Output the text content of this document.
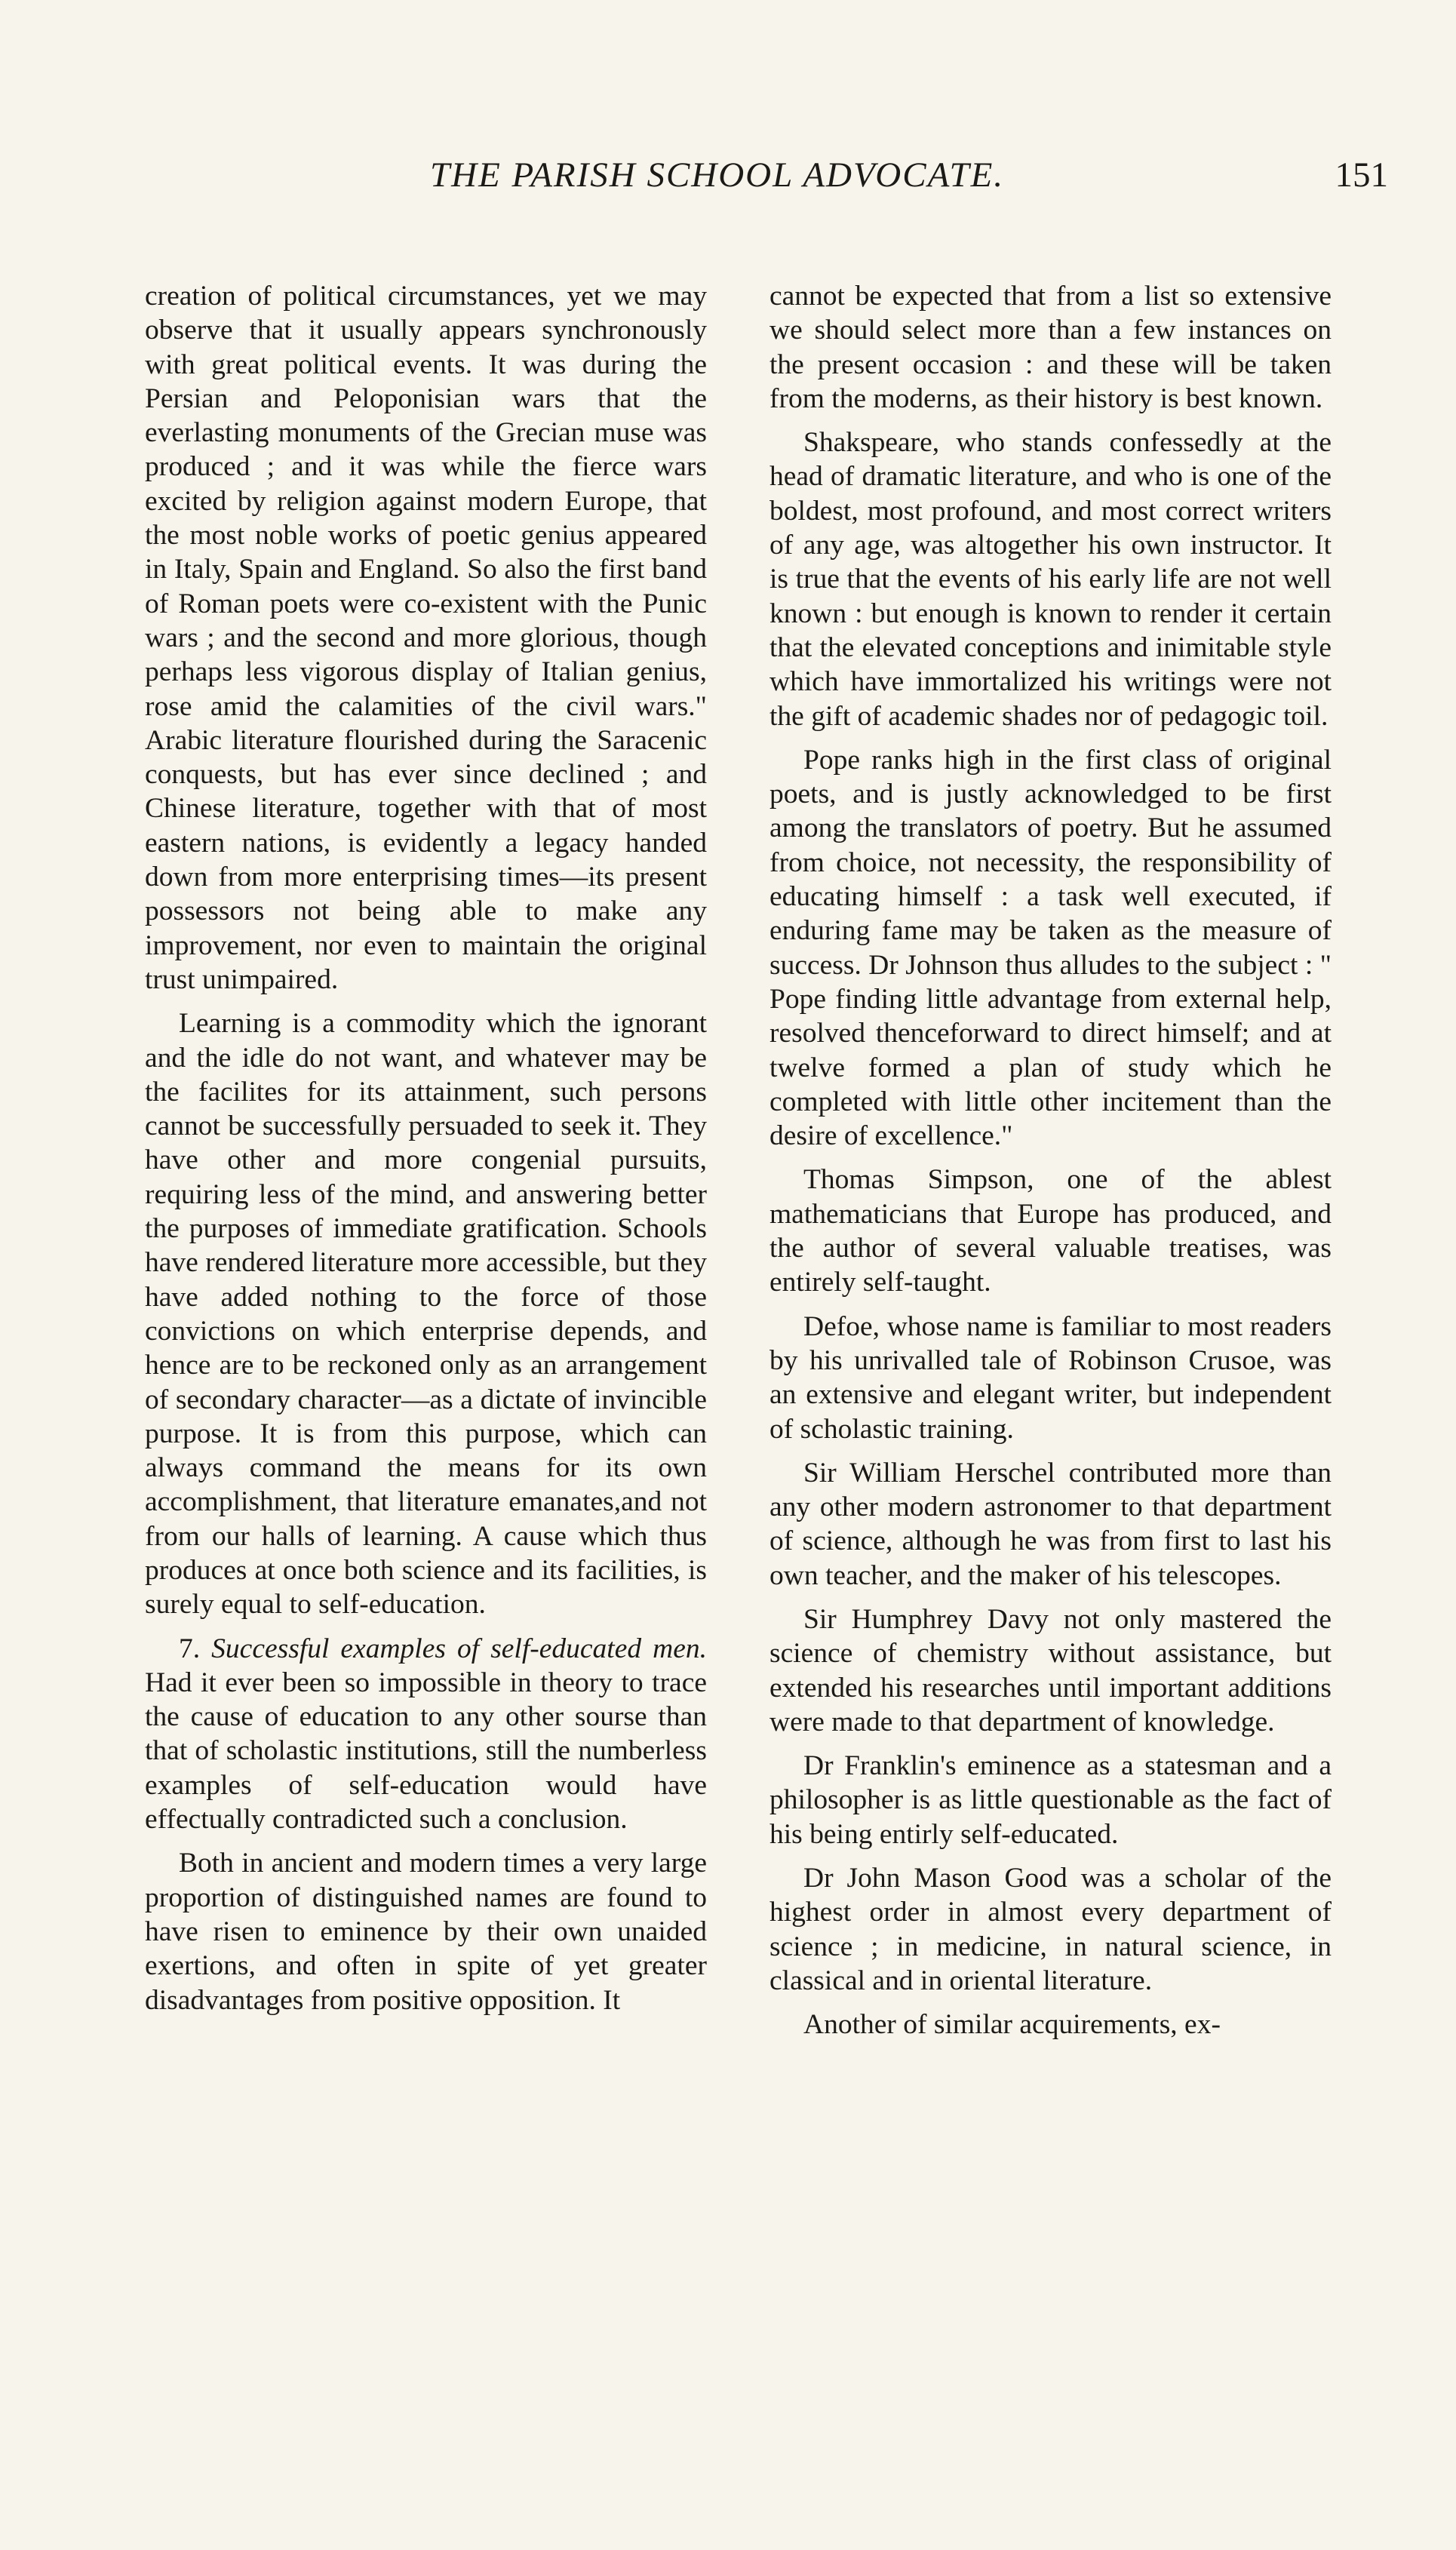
THE PARISH SCHOOL ADVOCATE.	151

creation of political circumstances, yet we may observe that it usually appears synchronously with great political events. It was during the Persian and Peloponisian wars that the everlasting monuments of the Grecian muse was produced ; and it was while the fierce wars excited by religion against modern Europe, that the most noble works of poetic genius appeared in Italy, Spain and England. So also the first band of Roman poets were co-existent with the Punic wars ; and the second and more glorious, though perhaps less vigorous display of Italian genius, rose amid the calamities of the civil wars." Arabic literature flourished during the Saracenic conquests, but has ever since declined ; and Chinese literature, together with that of most eastern nations, is evidently a legacy handed down from more enterprising times—its present possessors not being able to make any improvement, nor even to maintain the original trust unimpaired.

Learning is a commodity which the ignorant and the idle do not want, and whatever may be the facilites for its attainment, such persons cannot be successfully persuaded to seek it. They have other and more congenial pursuits, requiring less of the mind, and answering better the purposes of immediate gratification. Schools have rendered literature more accessible, but they have added nothing to the force of those convictions on which enterprise depends, and hence are to be reckoned only as an arrangement of secondary character—as a dictate of invincible purpose. It is from this purpose, which can always command the means for its own accomplishment, that literature emanates,and not from our halls of learning. A cause which thus produces at once both science and its facilities, is surely equal to self-education.

7. Successful examples of self-educated men. Had it ever been so impossible in theory to trace the cause of education to any other sourse than that of scholastic institutions, still the numberless examples of self-education would have effectually contradicted such a conclusion.

Both in ancient and modern times a very large proportion of distinguished names are found to have risen to eminence by their own unaided exertions, and often in spite of yet greater disadvantages from positive opposition. It

cannot be expected that from a list so extensive we should select more than a few instances on the present occasion : and these will be taken from the moderns, as their history is best known.

Shakspeare, who stands confessedly at the head of dramatic literature, and who is one of the boldest, most profound, and most correct writers of any age, was altogether his own instructor. It is true that the events of his early life are not well known : but enough is known to render it certain that the elevated conceptions and inimitable style which have immortalized his writings were not the gift of academic shades nor of pedagogic toil.

Pope ranks high in the first class of original poets, and is justly acknowledged to be first among the translators of poetry. But he assumed from choice, not necessity, the responsibility of educating himself : a task well executed, if enduring fame may be taken as the measure of success. Dr Johnson thus alludes to the subject : " Pope finding little advantage from external help, resolved thenceforward to direct himself; and at twelve formed a plan of study which he completed with little other incitement than the desire of excellence."

Thomas Simpson, one of the ablest mathematicians that Europe has produced, and the author of several valuable treatises, was entirely self-taught.

Defoe, whose name is familiar to most readers by his unrivalled tale of Robinson Crusoe, was an extensive and elegant writer, but independent of scholastic training.

Sir William Herschel contributed more than any other modern astronomer to that department of science, although he was from first to last his own teacher, and the maker of his telescopes.

Sir Humphrey Davy not only mastered the science of chemistry without assistance, but extended his researches until important additions were made to that department of knowledge.

Dr Franklin's eminence as a statesman and a philosopher is as little questionable as the fact of his being entirly self-educated.

Dr John Mason Good was a scholar of the highest order in almost every department of science ; in medicine, in natural science, in classical and in oriental literature.

Another of similar acquirements, ex-
